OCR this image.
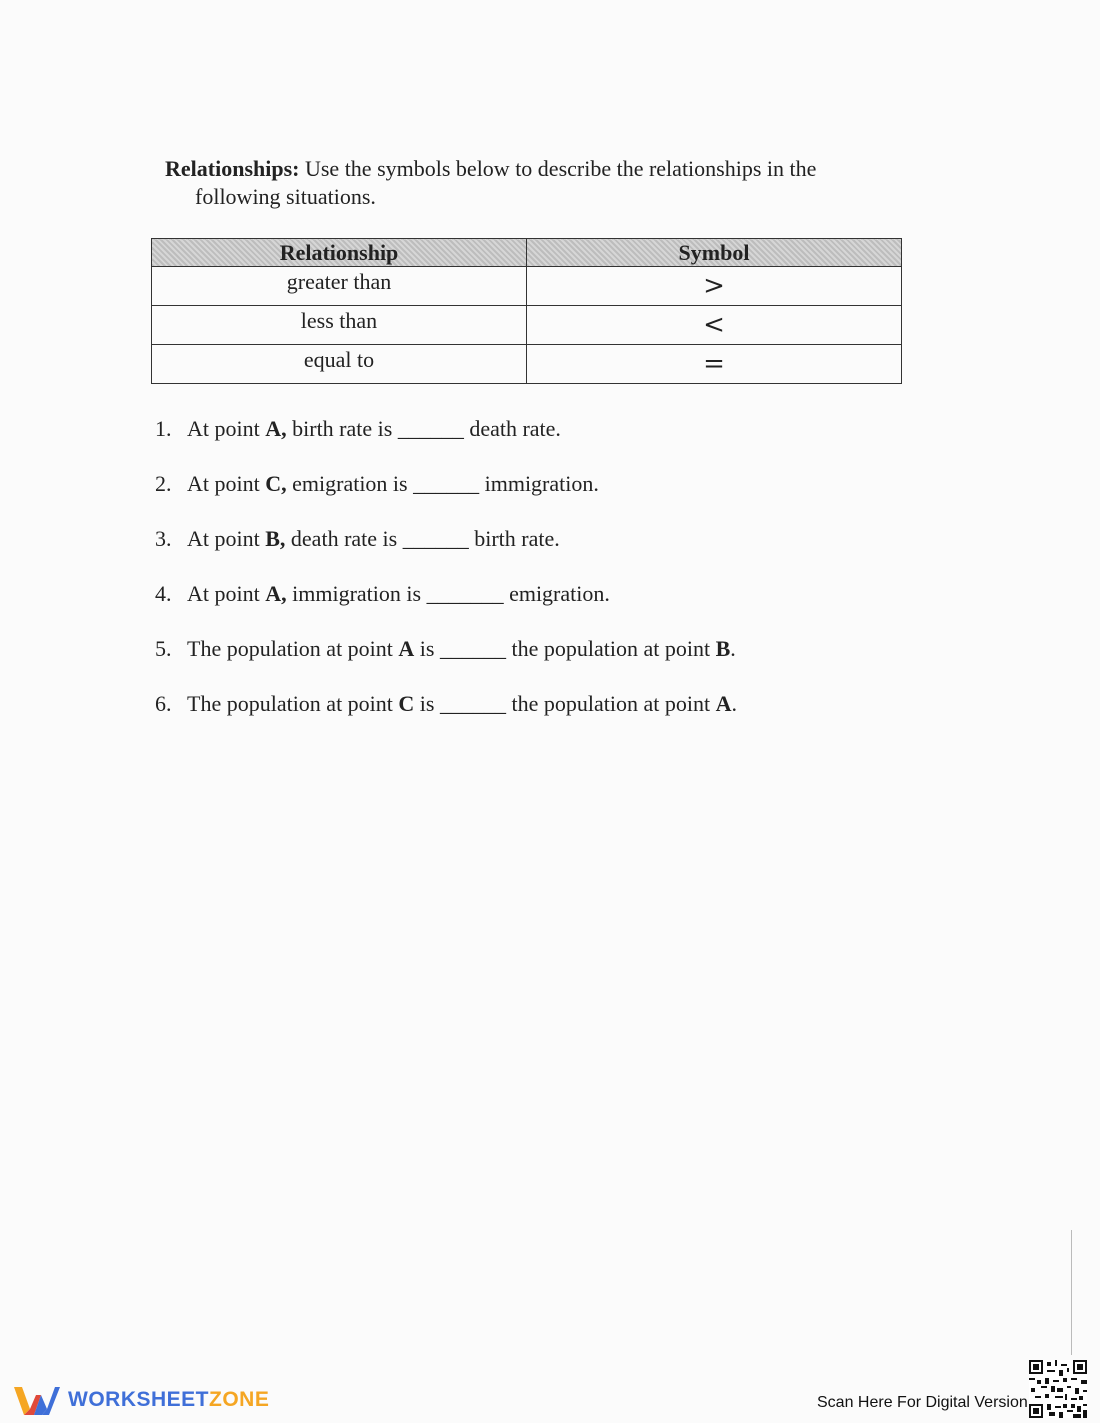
Relationships: Use the symbols below to describe the relationships in the
following situations.
Relationship	Symbol
greater than	>
less than	<
equal to	=
1. At point A, birth rate is ______ death rate.
2. At point C, emigration is ______ immigration.
3. At point B, death rate is ______ birth rate.
4. At point A, immigration is _______ emigration.
5. The population at point A is ______ the population at point B.
6. The population at point C is ______ the population at point A.
WORKSHEET ZONE	Scan Here For Digital Version
